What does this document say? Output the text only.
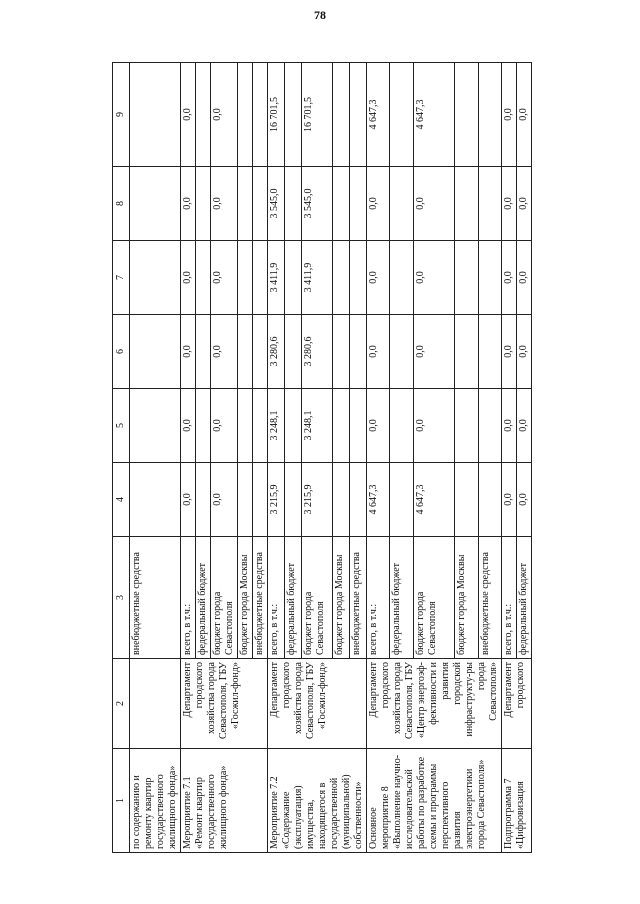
78
1	2	3	4	5	6	7	8	9
по содержанию и ремонту квартир государственного жилищного фонда»		внебюджетные средства						
Мероприятие 7.1 «Ремонт квартир государственного жилищного фонда»	Департамент городского хозяйства города Севастополя, ГБУ «Госжил-фонд»	всего, в т.ч.:	0,0	0,0	0,0	0,0	0,0	0,0
		федеральный бюджет						
		бюджет города Севастополя	0,0	0,0	0,0	0,0	0,0	0,0
		бюджет города Москвы						
		внебюджетные средства						
Мероприятие 7.2 «Содержание (эксплуатация) имущества, находящегося в государственной (муниципальной) собственности»	Департамент городского хозяйства города Севастополя, ГБУ «Госжил-фонд»	всего, в т.ч.:	3 215,9	3 248,1	3 280,6	3 411,9	3 545,0	16 701,5
		федеральный бюджет						
		бюджет города Севастополя	3 215,9	3 248,1	3 280,6	3 411,9	3 545,0	16 701,5
		бюджет города Москвы						
		внебюджетные средства						
Основное мероприятие 8 «Выполнение научно-исследовательской работы по разработке схемы и программы перспективного развития электроэнергетики города Севастополя»	Департамент городского хозяйства города Севастополя, ГБУ «Центр энергоэф-фективности и развития городской инфраструкту-ры города Севастополя»	всего, в т.ч.:	4 647,3	0,0	0,0	0,0	0,0	4 647,3
		федеральный бюджет						
		бюджет города Севастополя	4 647,3	0,0	0,0	0,0	0,0	4 647,3
		бюджет города Москвы						
		внебюджетные средства						
Подпрограмма 7 «Цифровизация	Департамент городского	всего, в т.ч.:	0,0	0,0	0,0	0,0	0,0	0,0
		федеральный бюджет	0,0	0,0	0,0	0,0	0,0	0,0
